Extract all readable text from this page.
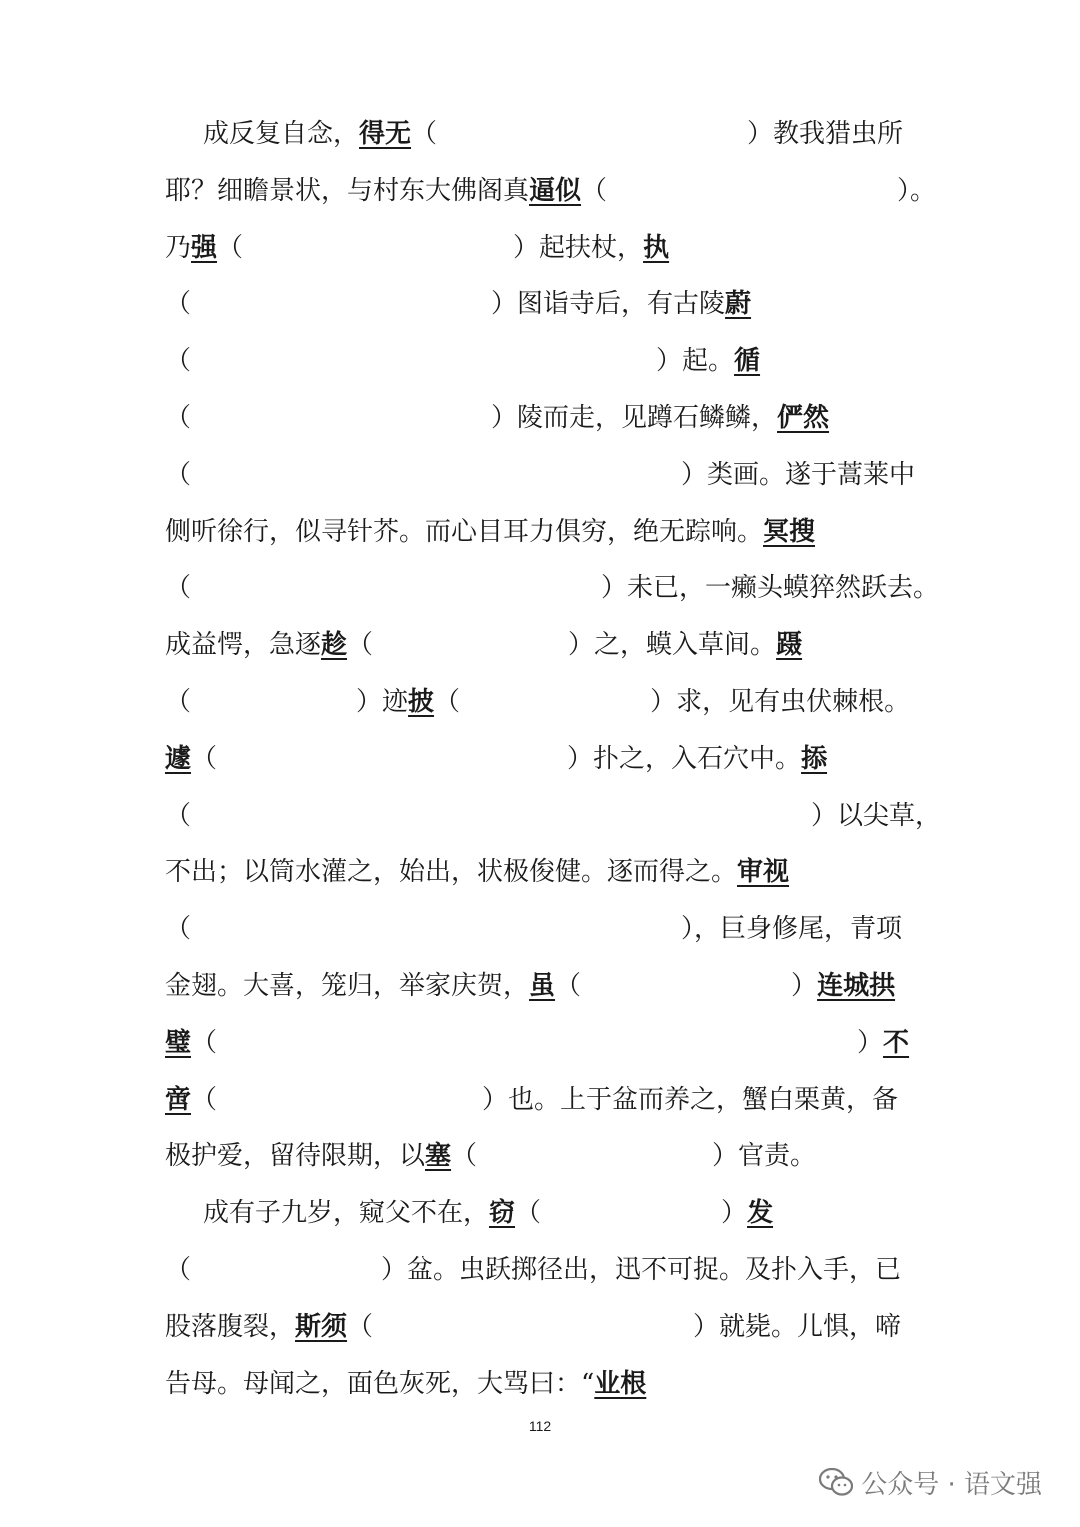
成反复自念，得无（	）教我猎虫所
耶？细瞻景状，与村东大佛阁真逼似（	）。
乃强（	）起扶杖，执
（	）图诣寺后，有古陵蔚
（	）起。循
（	）陵而走，见蹲石鳞鳞，俨然
（	）类画。遂于蒿莱中
侧听徐行，似寻针芥。而心目耳力俱穷，绝无踪响。冥搜
（	）未已，一癞头蟆猝然跃去。
成益愕，急逐趁（	）之，蟆入草间。蹑
（	）迹披（	）求，见有虫伏棘根。
遽（	）扑之，入石穴中。掭
（	）以尖草，
不出；以筒水灌之，始出，状极俊健。逐而得之。审视
（	），巨身修尾，青项
金翅。大喜，笼归，举家庆贺，虽（	）连城拱
璧（	）不
啻（	）也。上于盆而养之，蟹白栗黄，备
极护爱，留待限期，以塞（	）官责。
成有子九岁，窥父不在，窃（	）发
（	）盆。虫跃掷径出，迅不可捉。及扑入手，已
股落腹裂，斯须（	）就毙。儿惧，啼
告母。母闻之，面色灰死，大骂曰：“业根
112
公众号 · 语文强
